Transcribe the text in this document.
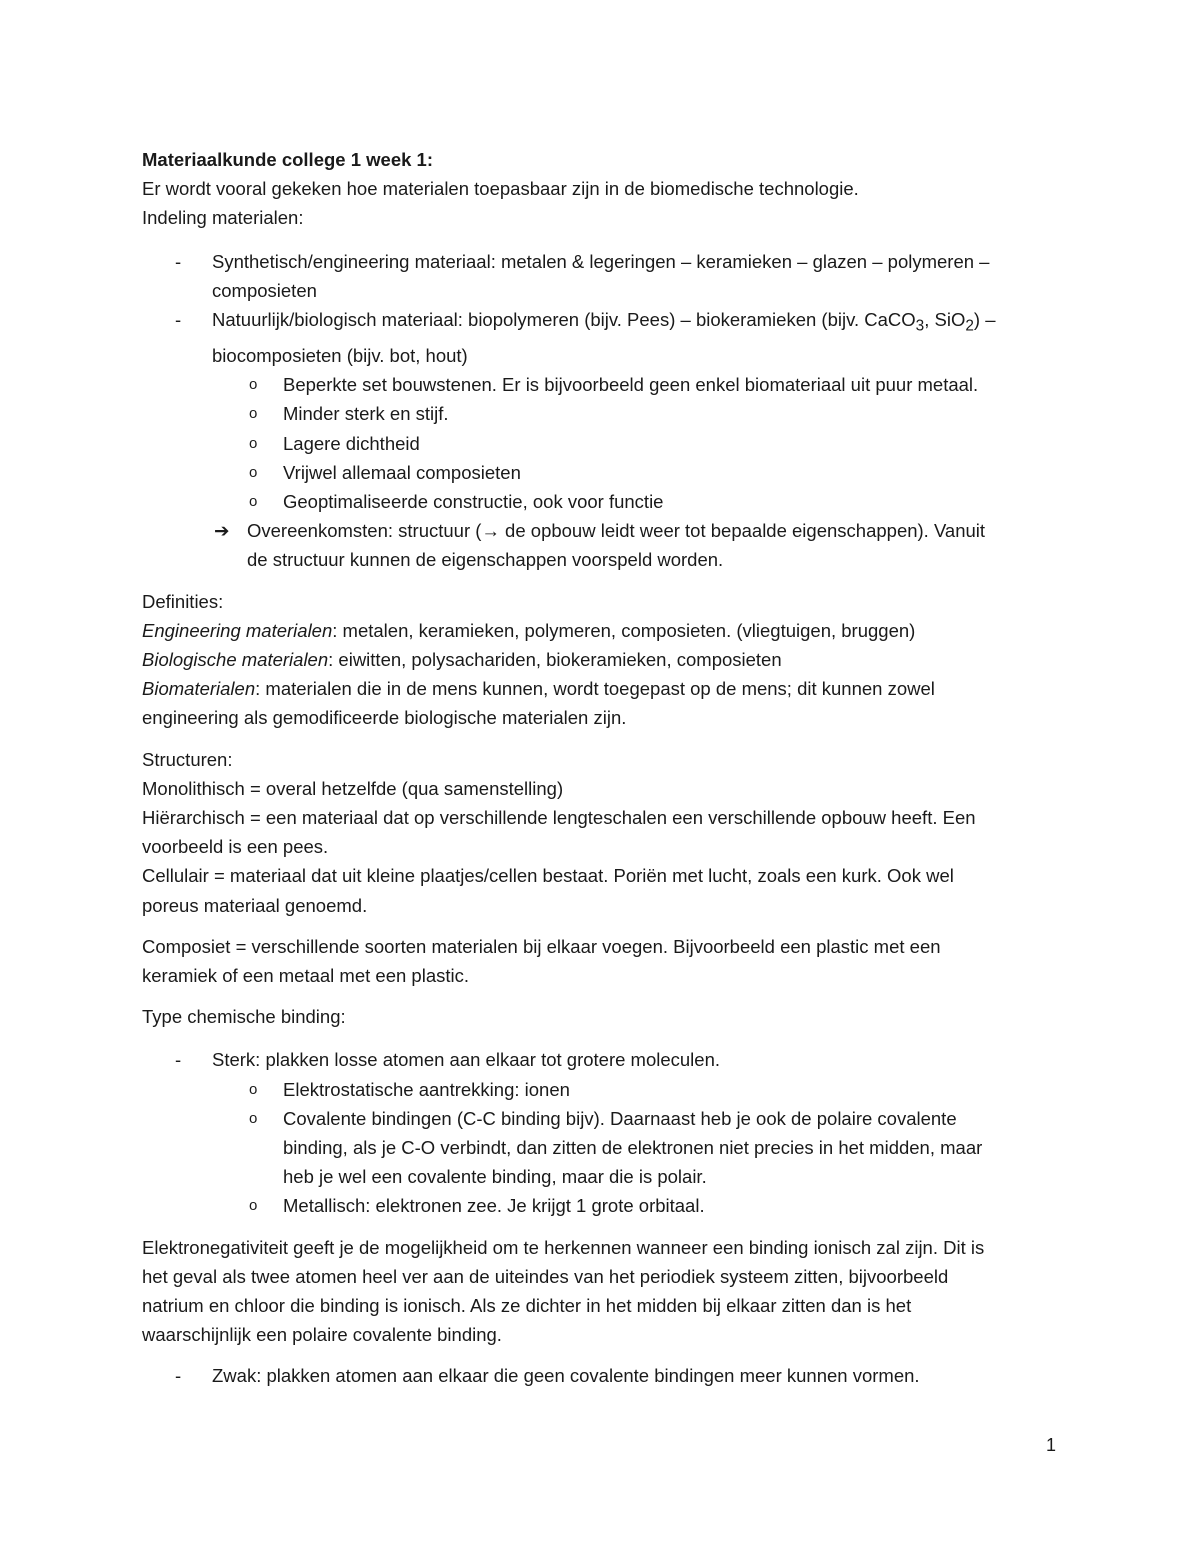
Materiaalkunde college 1 week 1:
Er wordt vooral gekeken hoe materialen toepasbaar zijn in de biomedische technologie.
Indeling materialen:
- Synthetisch/engineering materiaal: metalen & legeringen – keramieken – glazen – polymeren –
composieten
- Natuurlijk/biologisch materiaal: biopolymeren (bijv. Pees) – biokeramieken (bijv. CaCO$_3$, SiO$_2$) –
biocomposieten (bijv. bot, hout)
o Beperkte set bouwstenen. Er is bijvoorbeeld geen enkel biomateriaal uit puur metaal.
o Minder sterk en stijf.
o Lagere dichtheid
o Vrijwel allemaal composieten
o Geoptimaliseerde constructie, ook voor functie
➔ Overeenkomsten: structuur (→ de opbouw leidt weer tot bepaalde eigenschappen). Vanuit
de structuur kunnen de eigenschappen voorspeld worden.
Definities:
Engineering materialen: metalen, keramieken, polymeren, composieten. (vliegtuigen, bruggen)
Biologische materialen: eiwitten, polysachariden, biokeramieken, composieten
Biomaterialen: materialen die in de mens kunnen, wordt toegepast op de mens; dit kunnen zowel
engineering als gemodificeerde biologische materialen zijn.
Structuren:
Monolithisch = overal hetzelfde (qua samenstelling)
Hiërarchisch = een materiaal dat op verschillende lengteschalen een verschillende opbouw heeft. Een
voorbeeld is een pees.
Cellulair = materiaal dat uit kleine plaatjes/cellen bestaat. Poriën met lucht, zoals een kurk. Ook wel
poreus materiaal genoemd.
Composiet = verschillende soorten materialen bij elkaar voegen. Bijvoorbeeld een plastic met een
keramiek of een metaal met een plastic.
Type chemische binding:
- Sterk: plakken losse atomen aan elkaar tot grotere moleculen.
o Elektrostatische aantrekking: ionen
o Covalente bindingen (C-C binding bijv). Daarnaast heb je ook de polaire covalente
binding, als je C-O verbindt, dan zitten de elektronen niet precies in het midden, maar
heb je wel een covalente binding, maar die is polair.
o Metallisch: elektronen zee. Je krijgt 1 grote orbitaal.
Elektronegativiteit geeft je de mogelijkheid om te herkennen wanneer een binding ionisch zal zijn. Dit is
het geval als twee atomen heel ver aan de uiteindes van het periodiek systeem zitten, bijvoorbeeld
natrium en chloor die binding is ionisch. Als ze dichter in het midden bij elkaar zitten dan is het
waarschijnlijk een polaire covalente binding.
- Zwak: plakken atomen aan elkaar die geen covalente bindingen meer kunnen vormen.
1
